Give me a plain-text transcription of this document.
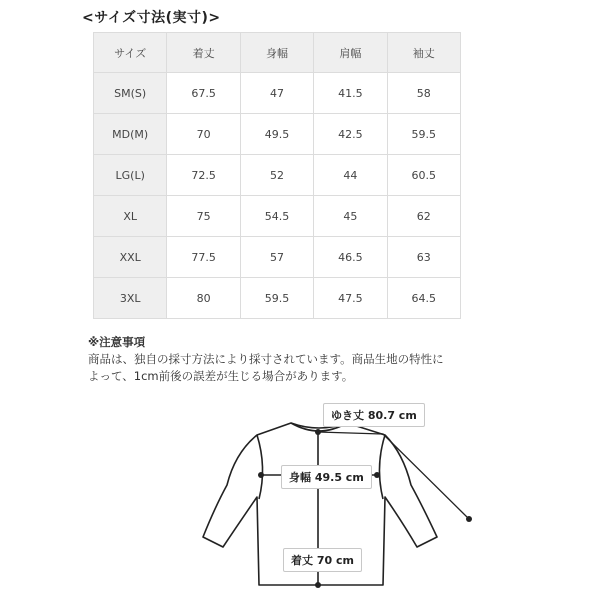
<サイズ寸法(実寸)>
サイズ	着丈	身幅	肩幅	袖丈
SM(S)	67.5	47	41.5	58
MD(M)	70	49.5	42.5	59.5
LG(L)	72.5	52	44	60.5
XL	75	54.5	45	62
XXL	77.5	57	46.5	63
3XL	80	59.5	47.5	64.5
※注意事項
商品は、独自の採寸方法により採寸されています。商品生地の特性に
よって、1cm前後の誤差が生じる場合があります。
ゆき丈 80.7 cm
身幅 49.5 cm
着丈 70 cm
